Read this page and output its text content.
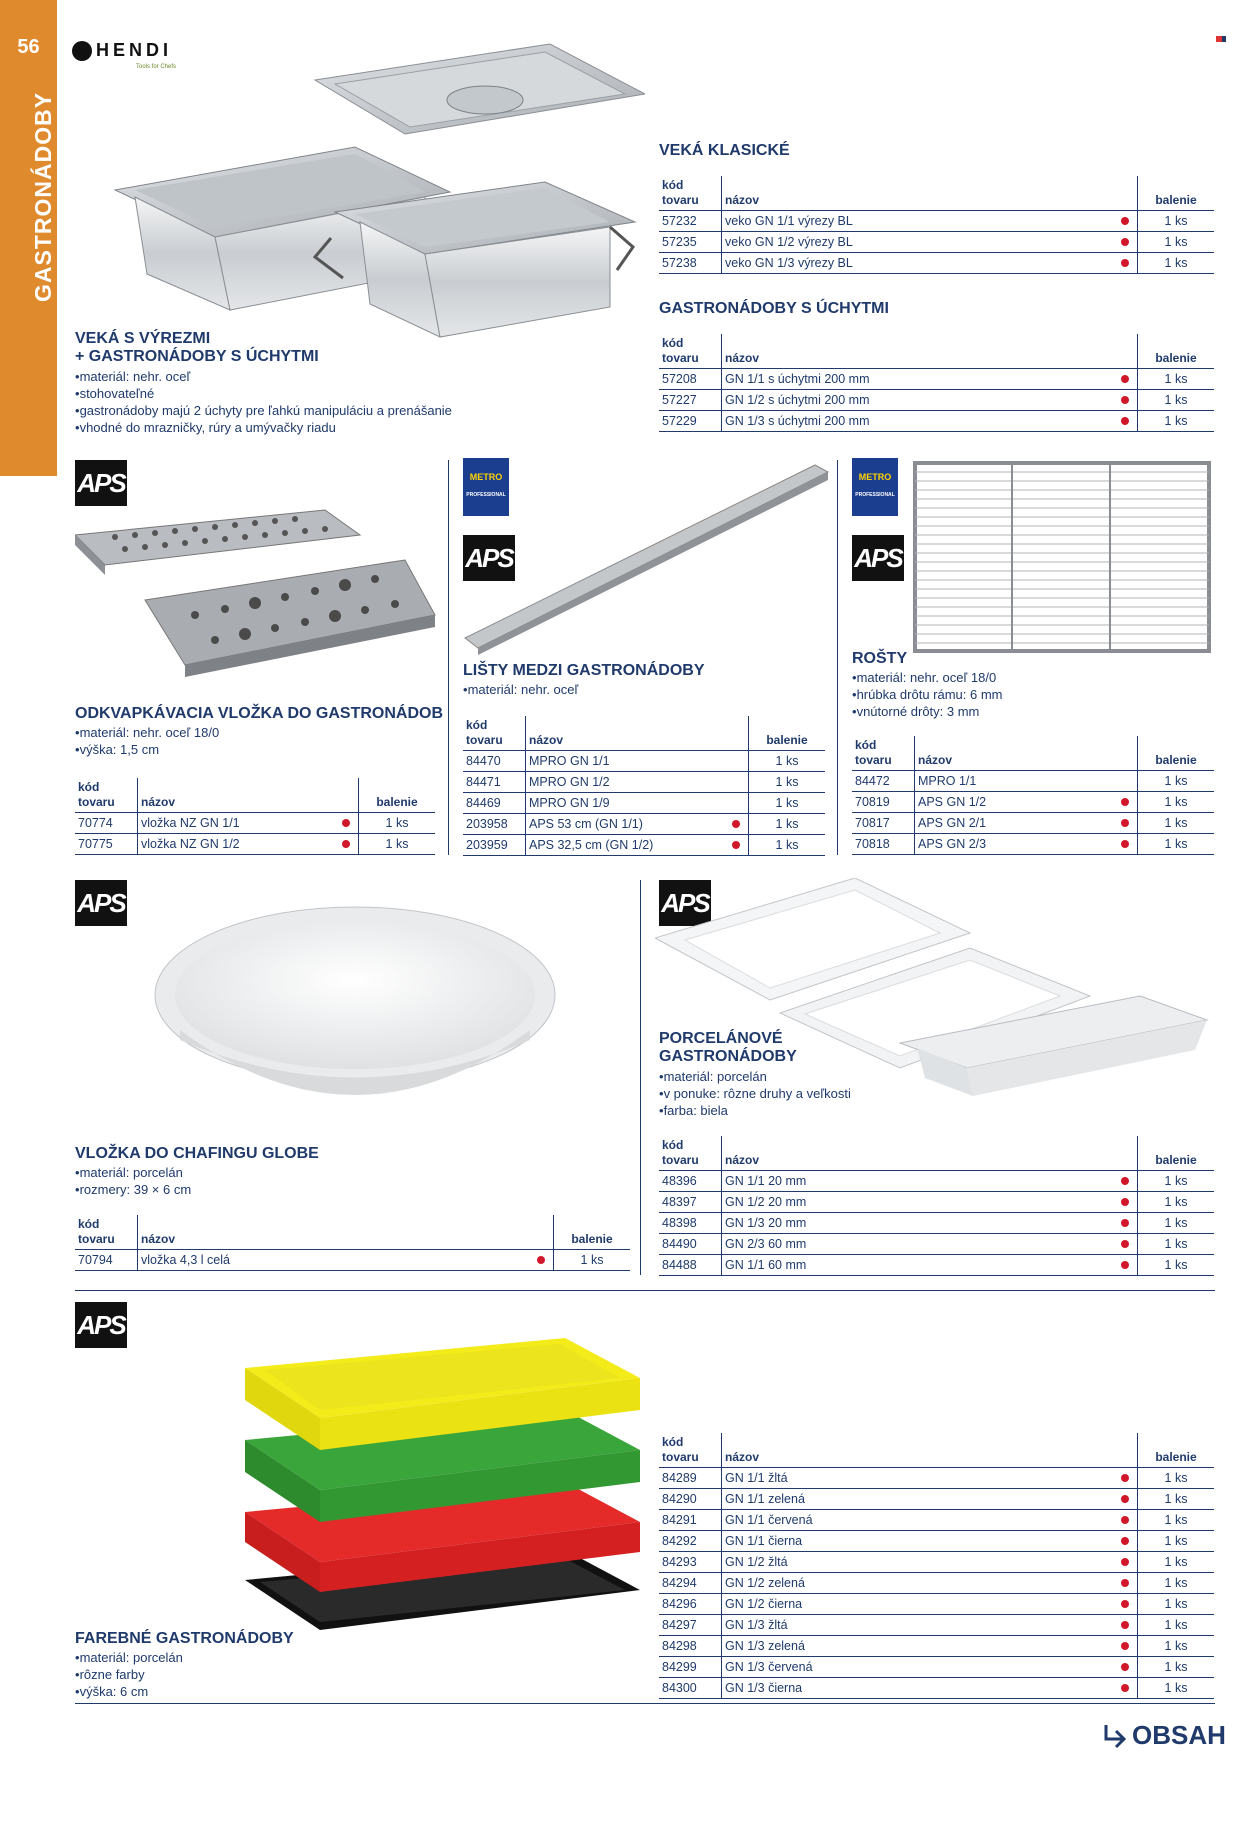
56	HENDI
Tools for Chefs
VEKÁ S VÝREZMI
+ GASTRONÁDOBY S ÚCHYTMI
• materiál: nehr. oceľ
• stohovateľné
• gastronádoby majú 2 úchyty pre ľahkú manipuláciu a prenášanie
• vhodné do mrazničky, rúry a umývačky riadu
VEKÁ KLASICKÉ
kód
tovaru	názov		balenie
57232	veko GN 1/1 výrezy BL		1 ks
57235	veko GN 1/2 výrezy BL		1 ks
57238	veko GN 1/3 výrezy BL		1 ks
GASTRONÁDOBY S ÚCHYTMI
kód
tovaru	názov		balenie
57208	GN 1/1 s úchytmi 200 mm		1 ks
57227	GN 1/2 s úchytmi 200 mm		1 ks
57229	GN 1/3 s úchytmi 200 mm		1 ks
APS
ODKVAPKÁVACIA VLOŽKA DO GASTRONÁDOB
• materiál: nehr. oceľ 18/0
• výška: 1,5 cm
kód
tovaru	názov		balenie
70774	vložka NZ GN 1/1		1 ks
70775	vložka NZ GN 1/2		1 ks
METRO
PROFESSIONAL
APS
LIŠTY MEDZI GASTRONÁDOBY
• materiál: nehr. oceľ
kód
tovaru	názov		balenie
84470	MPRO GN 1/1		1 ks
84471	MPRO GN 1/2		1 ks
84469	MPRO GN 1/9		1 ks
203958	APS 53 cm (GN 1/1)		1 ks
203959	APS 32,5 cm (GN 1/2)		1 ks
METRO
PROFESSIONAL
APS
ROŠTY
• materiál: nehr. oceľ 18/0
• hrúbka drôtu rámu: 6 mm
• vnútorné drôty: 3 mm
kód
tovaru	názov		balenie
84472	MPRO 1/1		1 ks
70819	APS GN 1/2		1 ks
70817	APS GN 2/1		1 ks
70818	APS GN 2/3		1 ks
APS
VLOŽKA DO CHAFINGU GLOBE
• materiál: porcelán
• rozmery: 39 × 6 cm
kód
tovaru	názov		balenie
70794	vložka 4,3 l celá		1 ks
APS
PORCELÁNOVÉ
GASTRONÁDOBY
• materiál: porcelán
• v ponuke: rôzne druhy a veľkosti
• farba: biela
kód
tovaru	názov		balenie
48396	GN 1/1 20 mm		1 ks
48397	GN 1/2 20 mm		1 ks
48398	GN 1/3 20 mm		1 ks
84490	GN 2/3 60 mm		1 ks
84488	GN 1/1 60 mm		1 ks
APS
FAREBNÉ GASTRONÁDOBY
• materiál: porcelán
• rôzne farby
• výška: 6 cm
kód
tovaru	názov		balenie
84289	GN 1/1 žltá		1 ks
84290	GN 1/1 zelená		1 ks
84291	GN 1/1 červená		1 ks
84292	GN 1/1 čierna		1 ks
84293	GN 1/2 žltá		1 ks
84294	GN 1/2 zelená		1 ks
84296	GN 1/2 čierna		1 ks
84297	GN 1/3 žltá		1 ks
84298	GN 1/3 zelená		1 ks
84299	GN 1/3 červená		1 ks
84300	GN 1/3 čierna		1 ks
OBSAH
